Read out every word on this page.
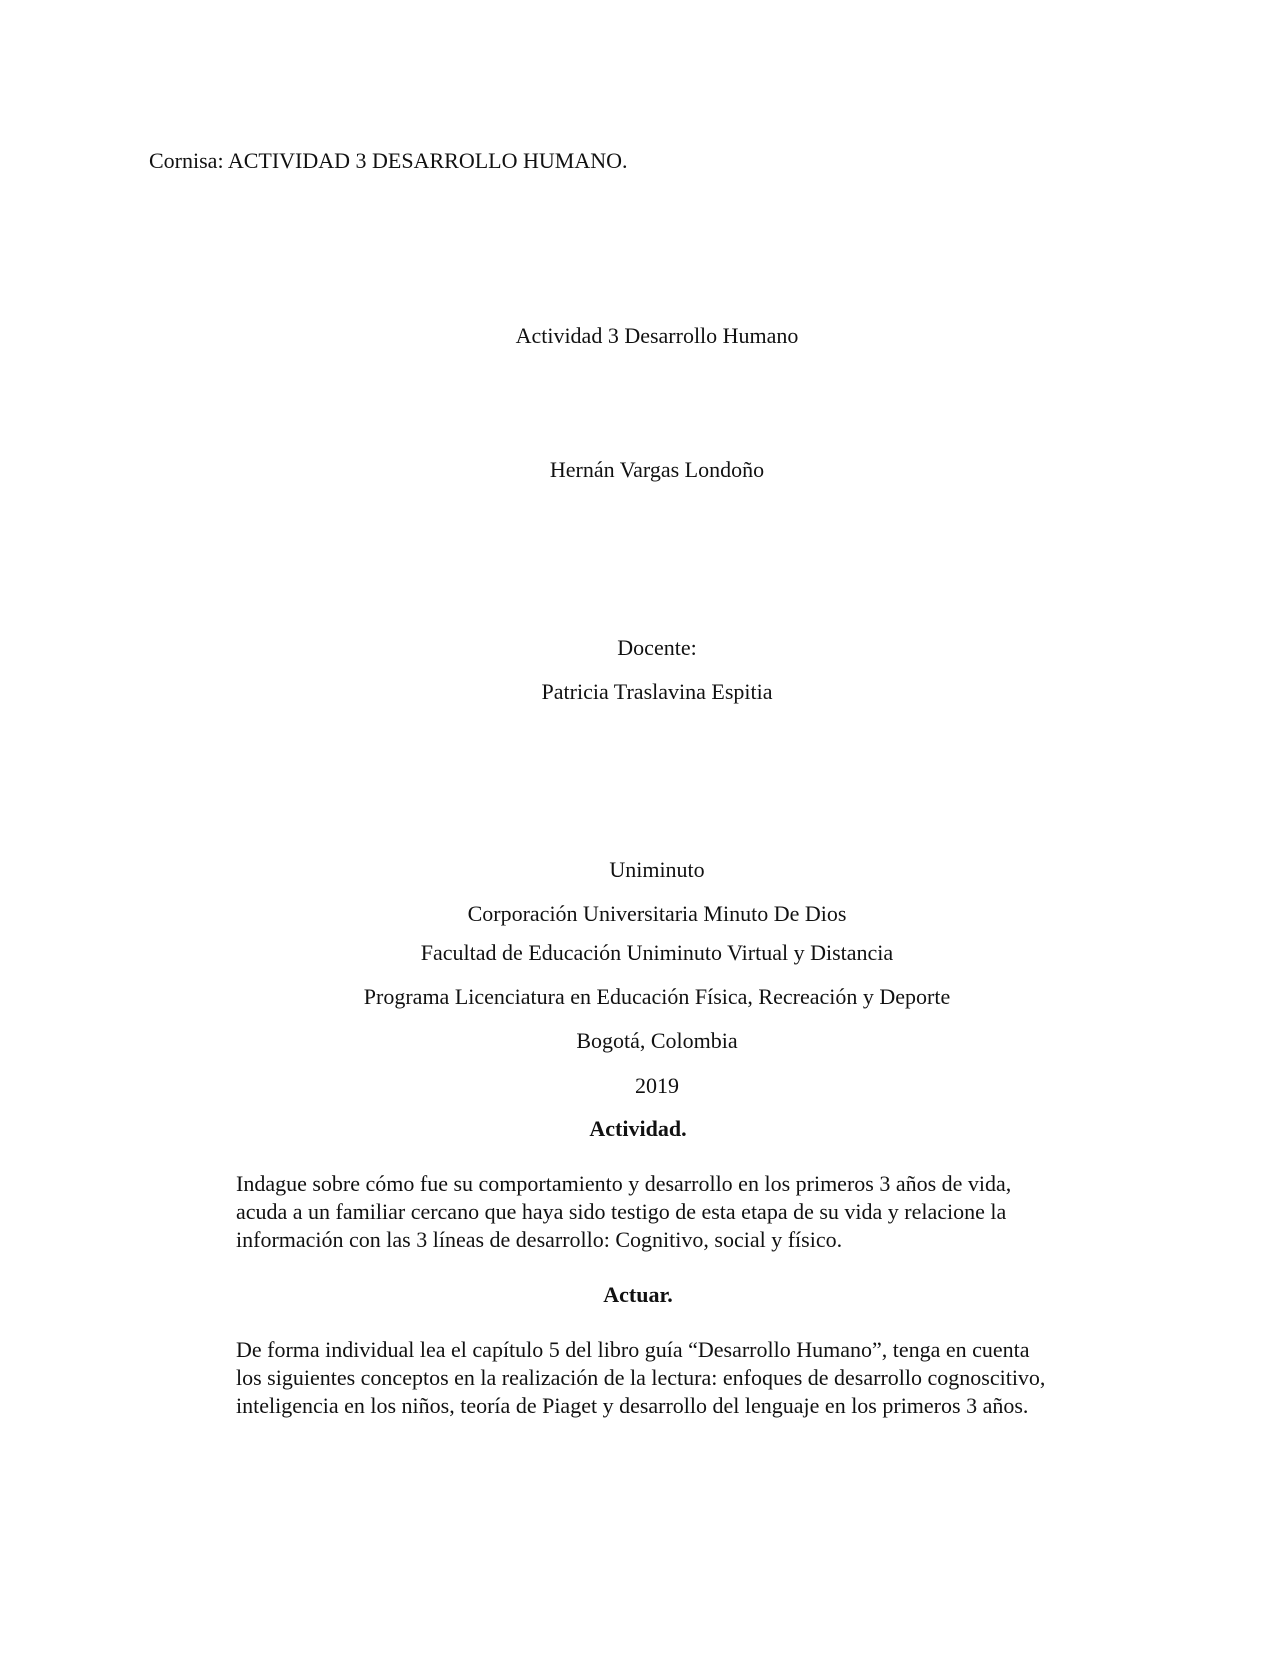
Cornisa: ACTIVIDAD 3 DESARROLLO HUMANO.
Actividad 3 Desarrollo Humano
Hernán Vargas Londoño
Docente:
Patricia Traslavina Espitia
Uniminuto
Corporación Universitaria Minuto De Dios
Facultad de Educación Uniminuto Virtual y Distancia
Programa Licenciatura en Educación Física, Recreación y Deporte
Bogotá, Colombia
2019
Actividad.

Indague sobre cómo fue su comportamiento y desarrollo en los primeros 3 años de vida, acuda a un familiar cercano que haya sido testigo de esta etapa de su vida y relacione la información con las 3 líneas de desarrollo: Cognitivo, social y físico.

Actuar.

De forma individual lea el capítulo 5 del libro guía “Desarrollo Humano”, tenga en cuenta los siguientes conceptos en la realización de la lectura: enfoques de desarrollo cognoscitivo, inteligencia en los niños, teoría de Piaget y desarrollo del lenguaje en los primeros 3 años.
